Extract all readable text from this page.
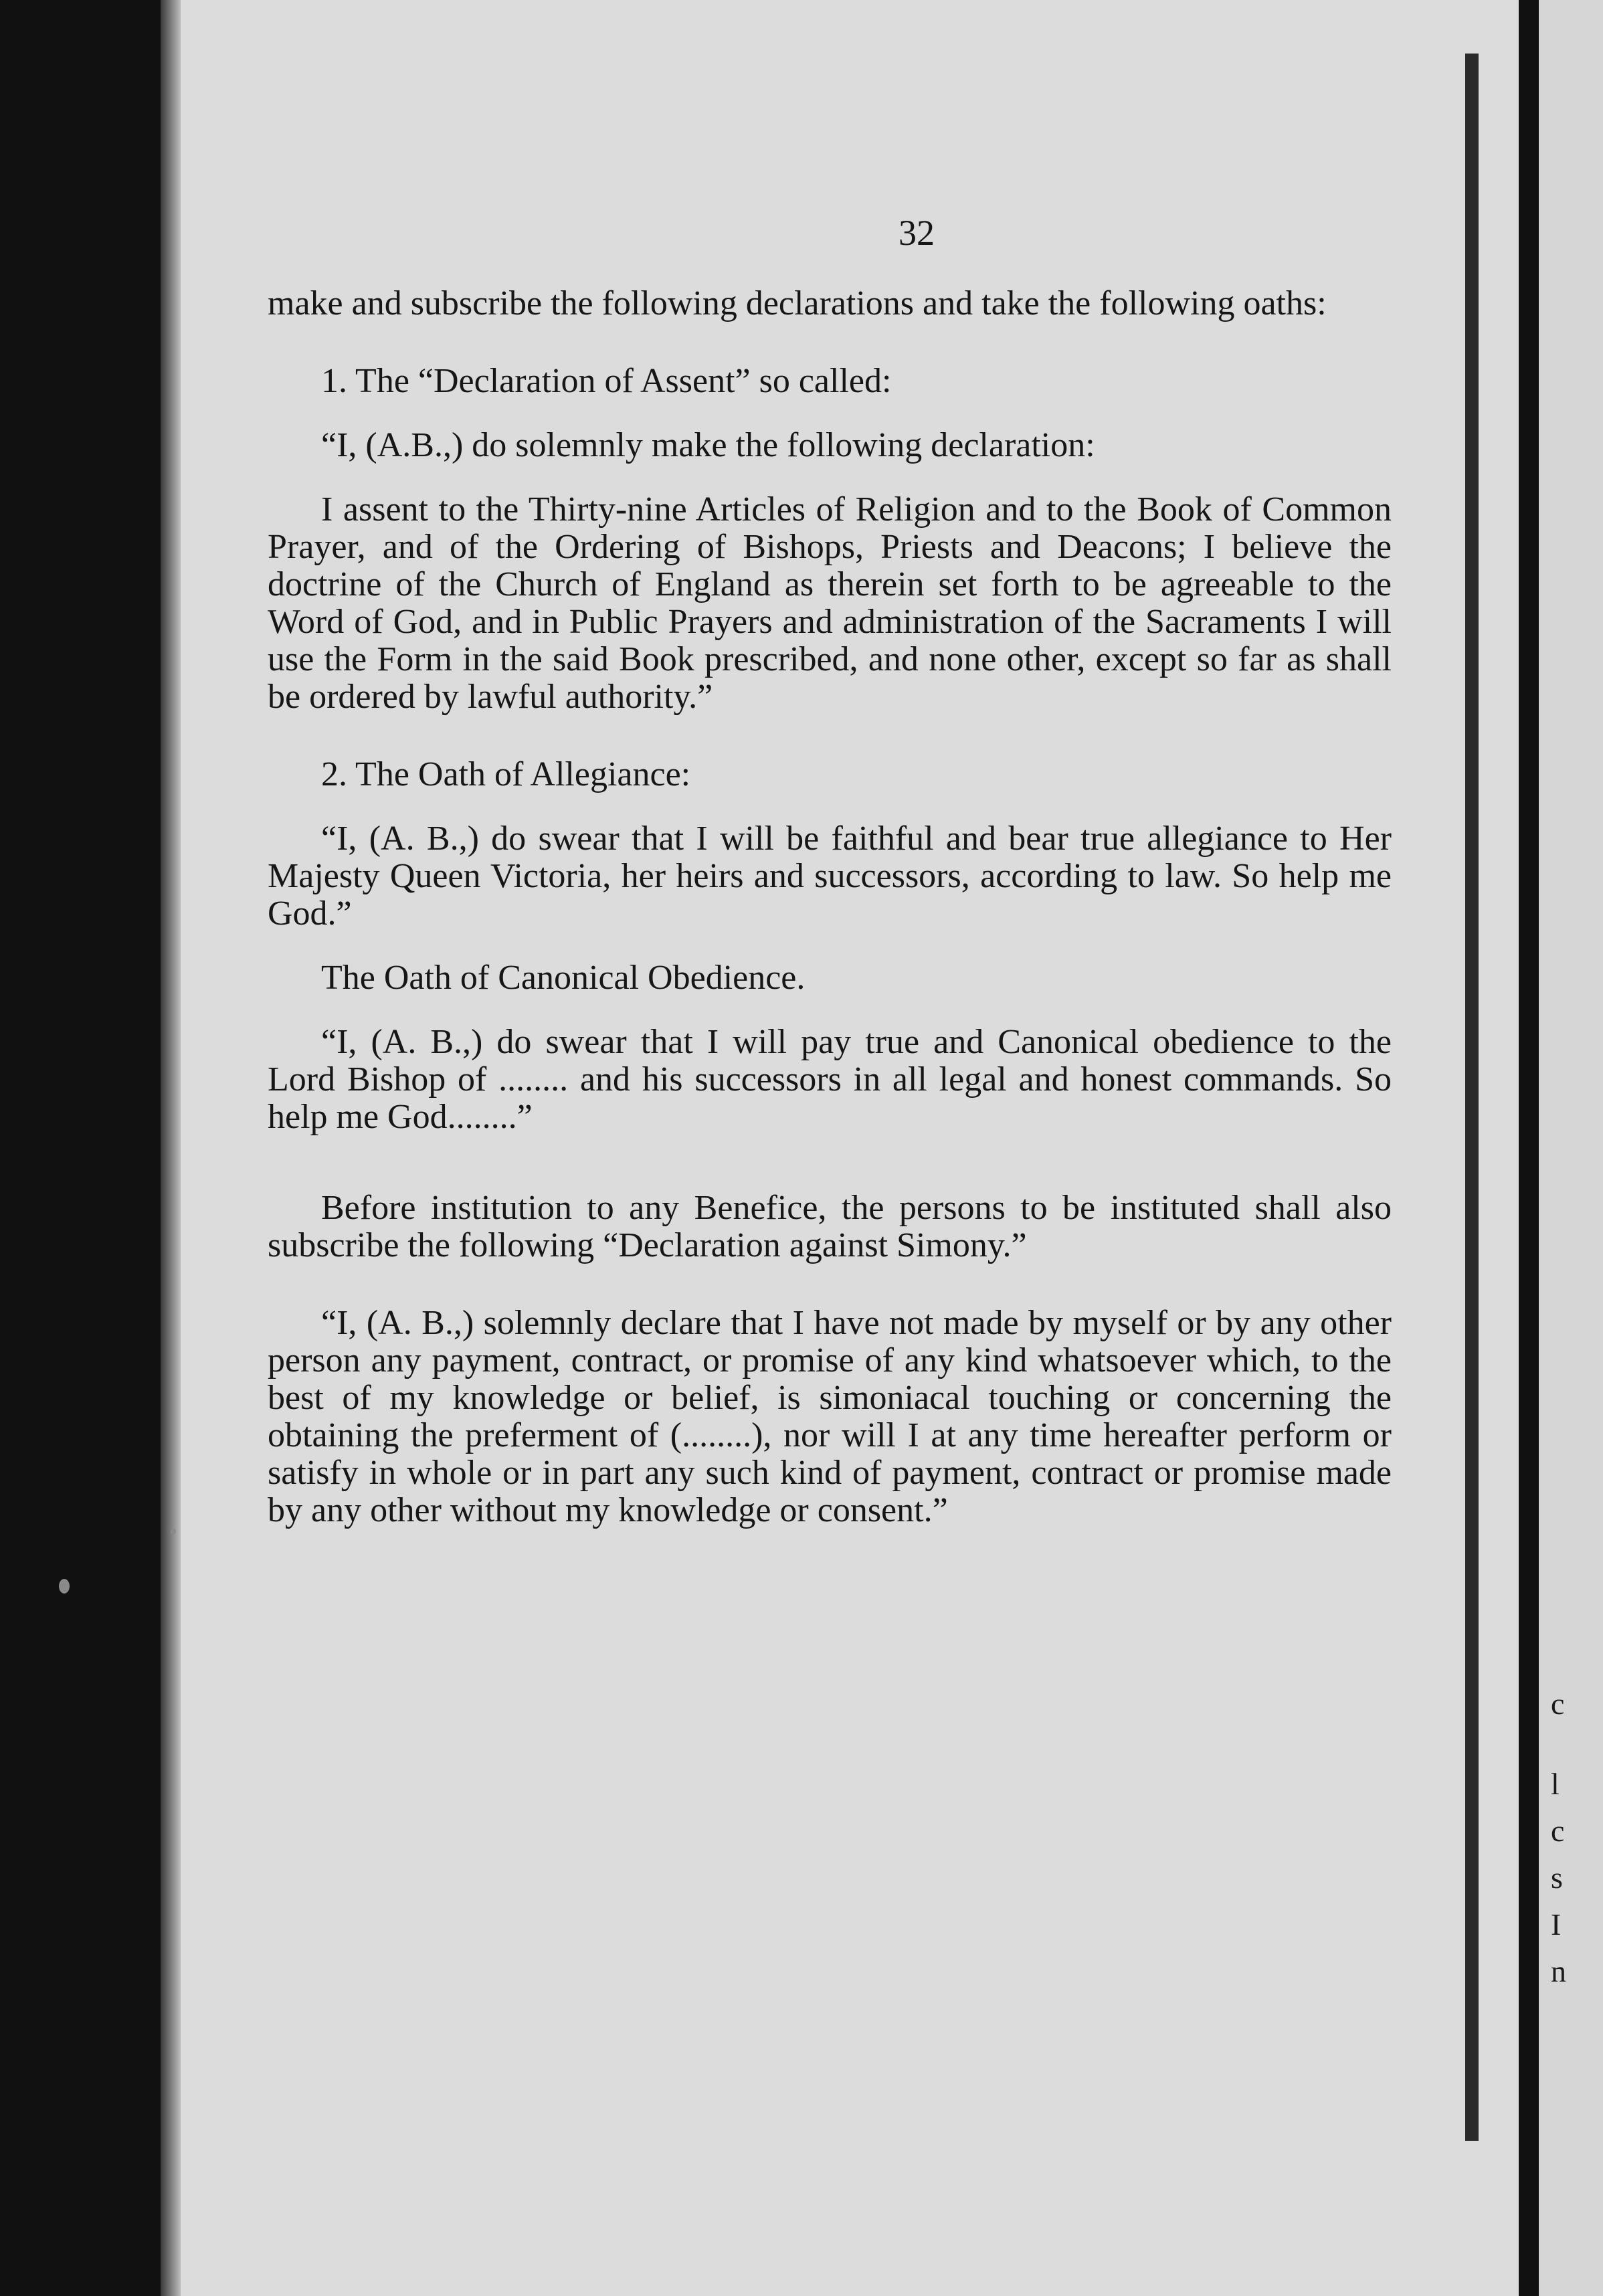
c
l
c
s
I
n
32

make and subscribe the following declarations and take the following oaths:

1. The “Declaration of Assent” so called:

“I, (A.B.,) do solemnly make the following declaration:

I assent to the Thirty-nine Articles of Religion and to the Book of Common Prayer, and of the Ordering of Bishops, Priests and Deacons; I believe the doctrine of the Church of England as therein set forth to be agreeable to the Word of God, and in Public Prayers and administration of the Sacraments I will use the Form in the said Book prescribed, and none other, except so far as shall be ordered by lawful authority.”

2. The Oath of Allegiance:

“I, (A. B.,) do swear that I will be faithful and bear true allegiance to Her Majesty Queen Victoria, her heirs and successors, according to law. So help me God.”

The Oath of Canonical Obedience.

“I, (A. B.,) do swear that I will pay true and Canonical obedience to the Lord Bishop of ........ and his successors in all legal and honest commands. So help me God........”

Before institution to any Benefice, the persons to be instituted shall also subscribe the following “Declaration against Simony.”

“I, (A. B.,) solemnly declare that I have not made by myself or by any other person any payment, contract, or promise of any kind whatsoever which, to the best of my knowledge or belief, is simoniacal touching or concerning the obtaining the preferment of (........), nor will I at any time hereafter perform or satisfy in whole or in part any such kind of payment, contract or promise made by any other without my knowledge or consent.”
